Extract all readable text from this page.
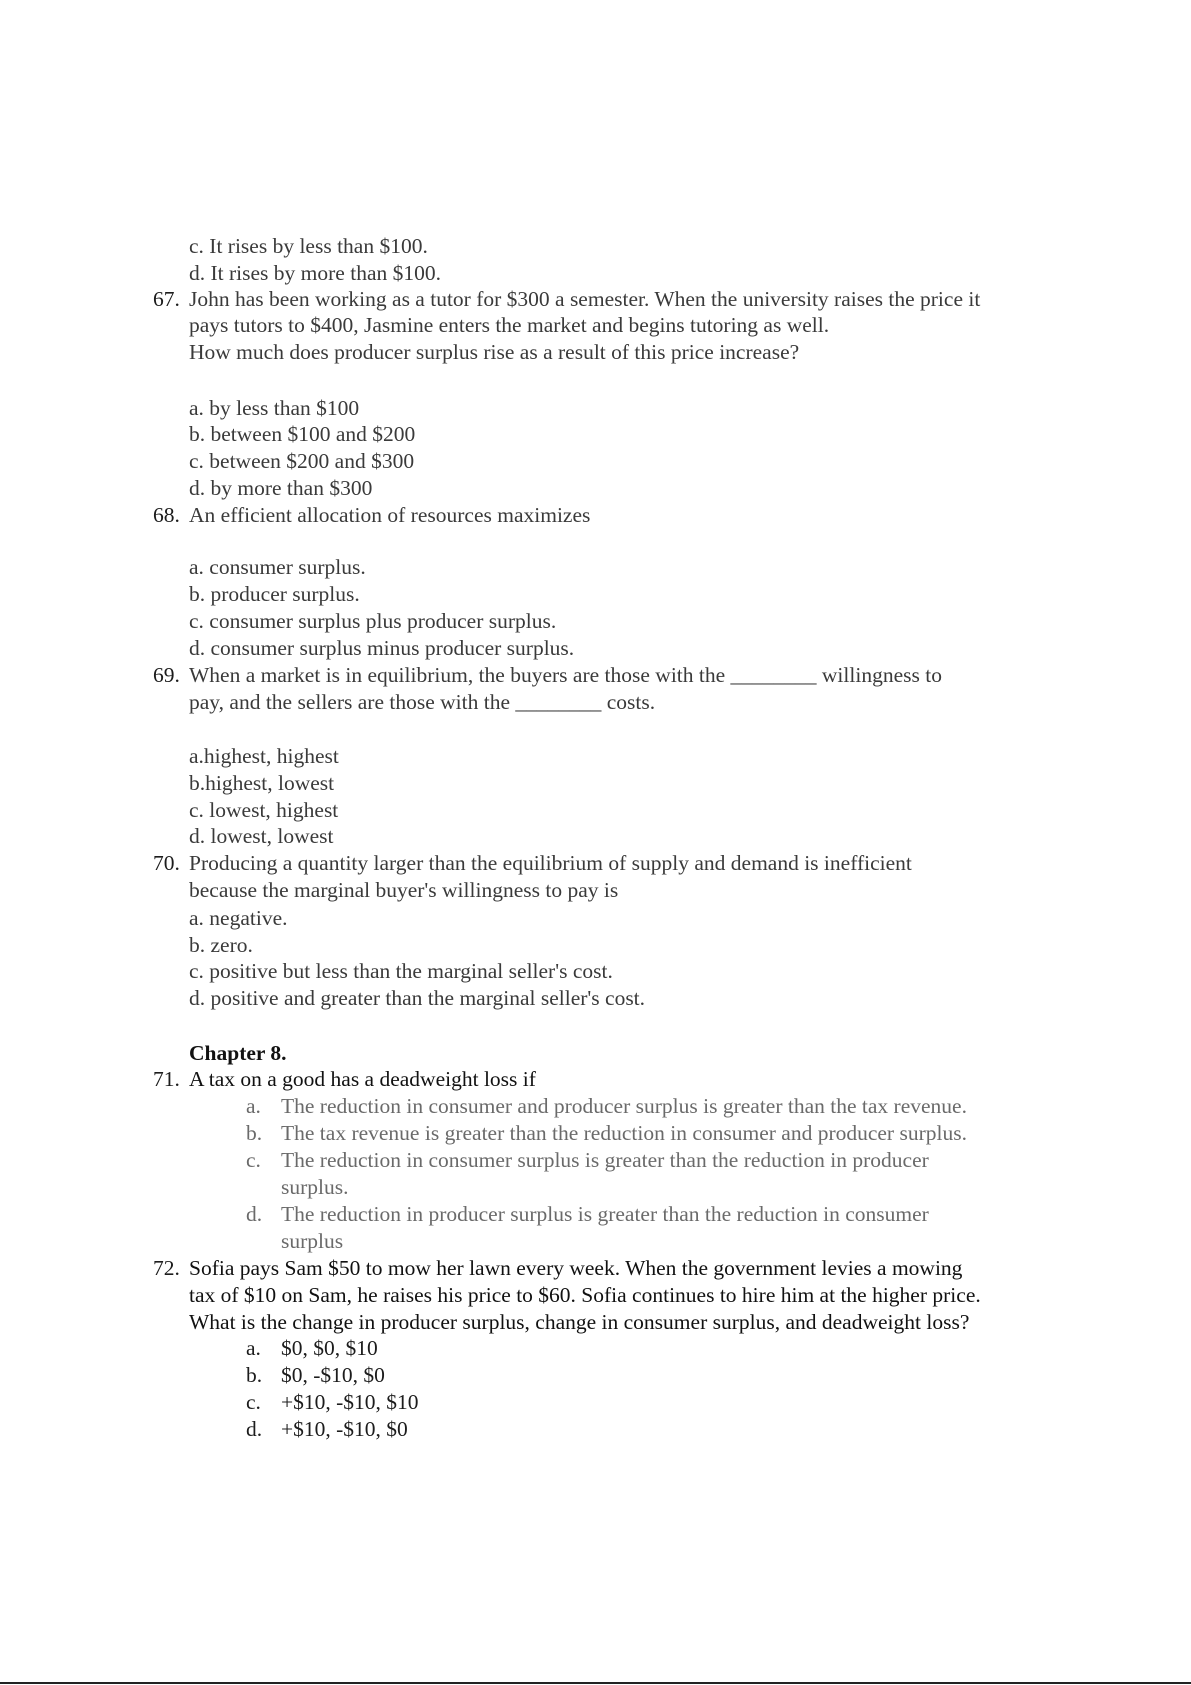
c. It rises by less than $100.
d. It rises by more than $100.
67. John has been working as a tutor for $300 a semester. When the university raises the price it
pays tutors to $400, Jasmine enters the market and begins tutoring as well.
How much does producer surplus rise as a result of this price increase?
a. by less than $100
b. between $100 and $200
c. between $200 and $300
d. by more than $300
68. An efficient allocation of resources maximizes
a. consumer surplus.
b. producer surplus.
c. consumer surplus plus producer surplus.
d. consumer surplus minus producer surplus.
69. When a market is in equilibrium, the buyers are those with the ________ willingness to
pay, and the sellers are those with the ________ costs.
a.highest, highest
b.highest, lowest
c. lowest, highest
d. lowest, lowest
70. Producing a quantity larger than the equilibrium of supply and demand is inefficient
because the marginal buyer's willingness to pay is
a. negative.
b. zero.
c. positive but less than the marginal seller's cost.
d. positive and greater than the marginal seller's cost.
Chapter 8.
71. A tax on a good has a deadweight loss if
a. The reduction in consumer and producer surplus is greater than the tax revenue.
b. The tax revenue is greater than the reduction in consumer and producer surplus.
c. The reduction in consumer surplus is greater than the reduction in producer
surplus.
d. The reduction in producer surplus is greater than the reduction in consumer
surplus
72. Sofia pays Sam $50 to mow her lawn every week. When the government levies a mowing
tax of $10 on Sam, he raises his price to $60. Sofia continues to hire him at the higher price.
What is the change in producer surplus, change in consumer surplus, and deadweight loss?
a. $0, $0, $10
b. $0, -$10, $0
c. +$10, -$10, $10
d. +$10, -$10, $0
